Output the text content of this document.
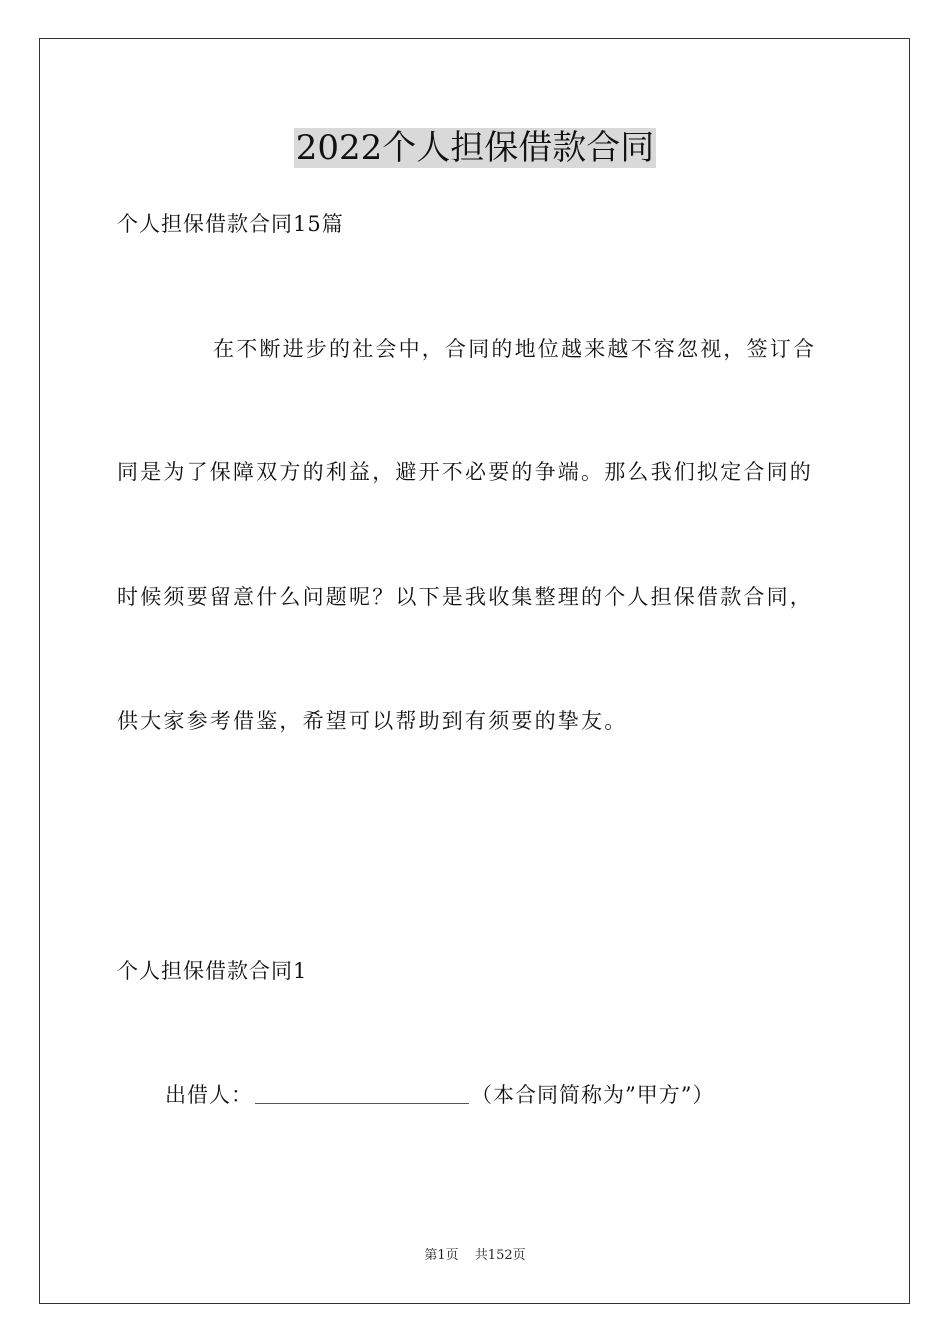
2022个人担保借款合同

个人担保借款合同15篇

在不断进步的社会中，合同的地位越来越不容忽视，签订合

同是为了保障双方的利益，避开不必要的争端。那么我们拟定合同的

时候须要留意什么问题呢？以下是我收集整理的个人担保借款合同，

供大家参考借鉴，希望可以帮助到有须要的挚友。

个人担保借款合同1

出借人：	（本合同简称为”甲方”）

第1页 共152页
